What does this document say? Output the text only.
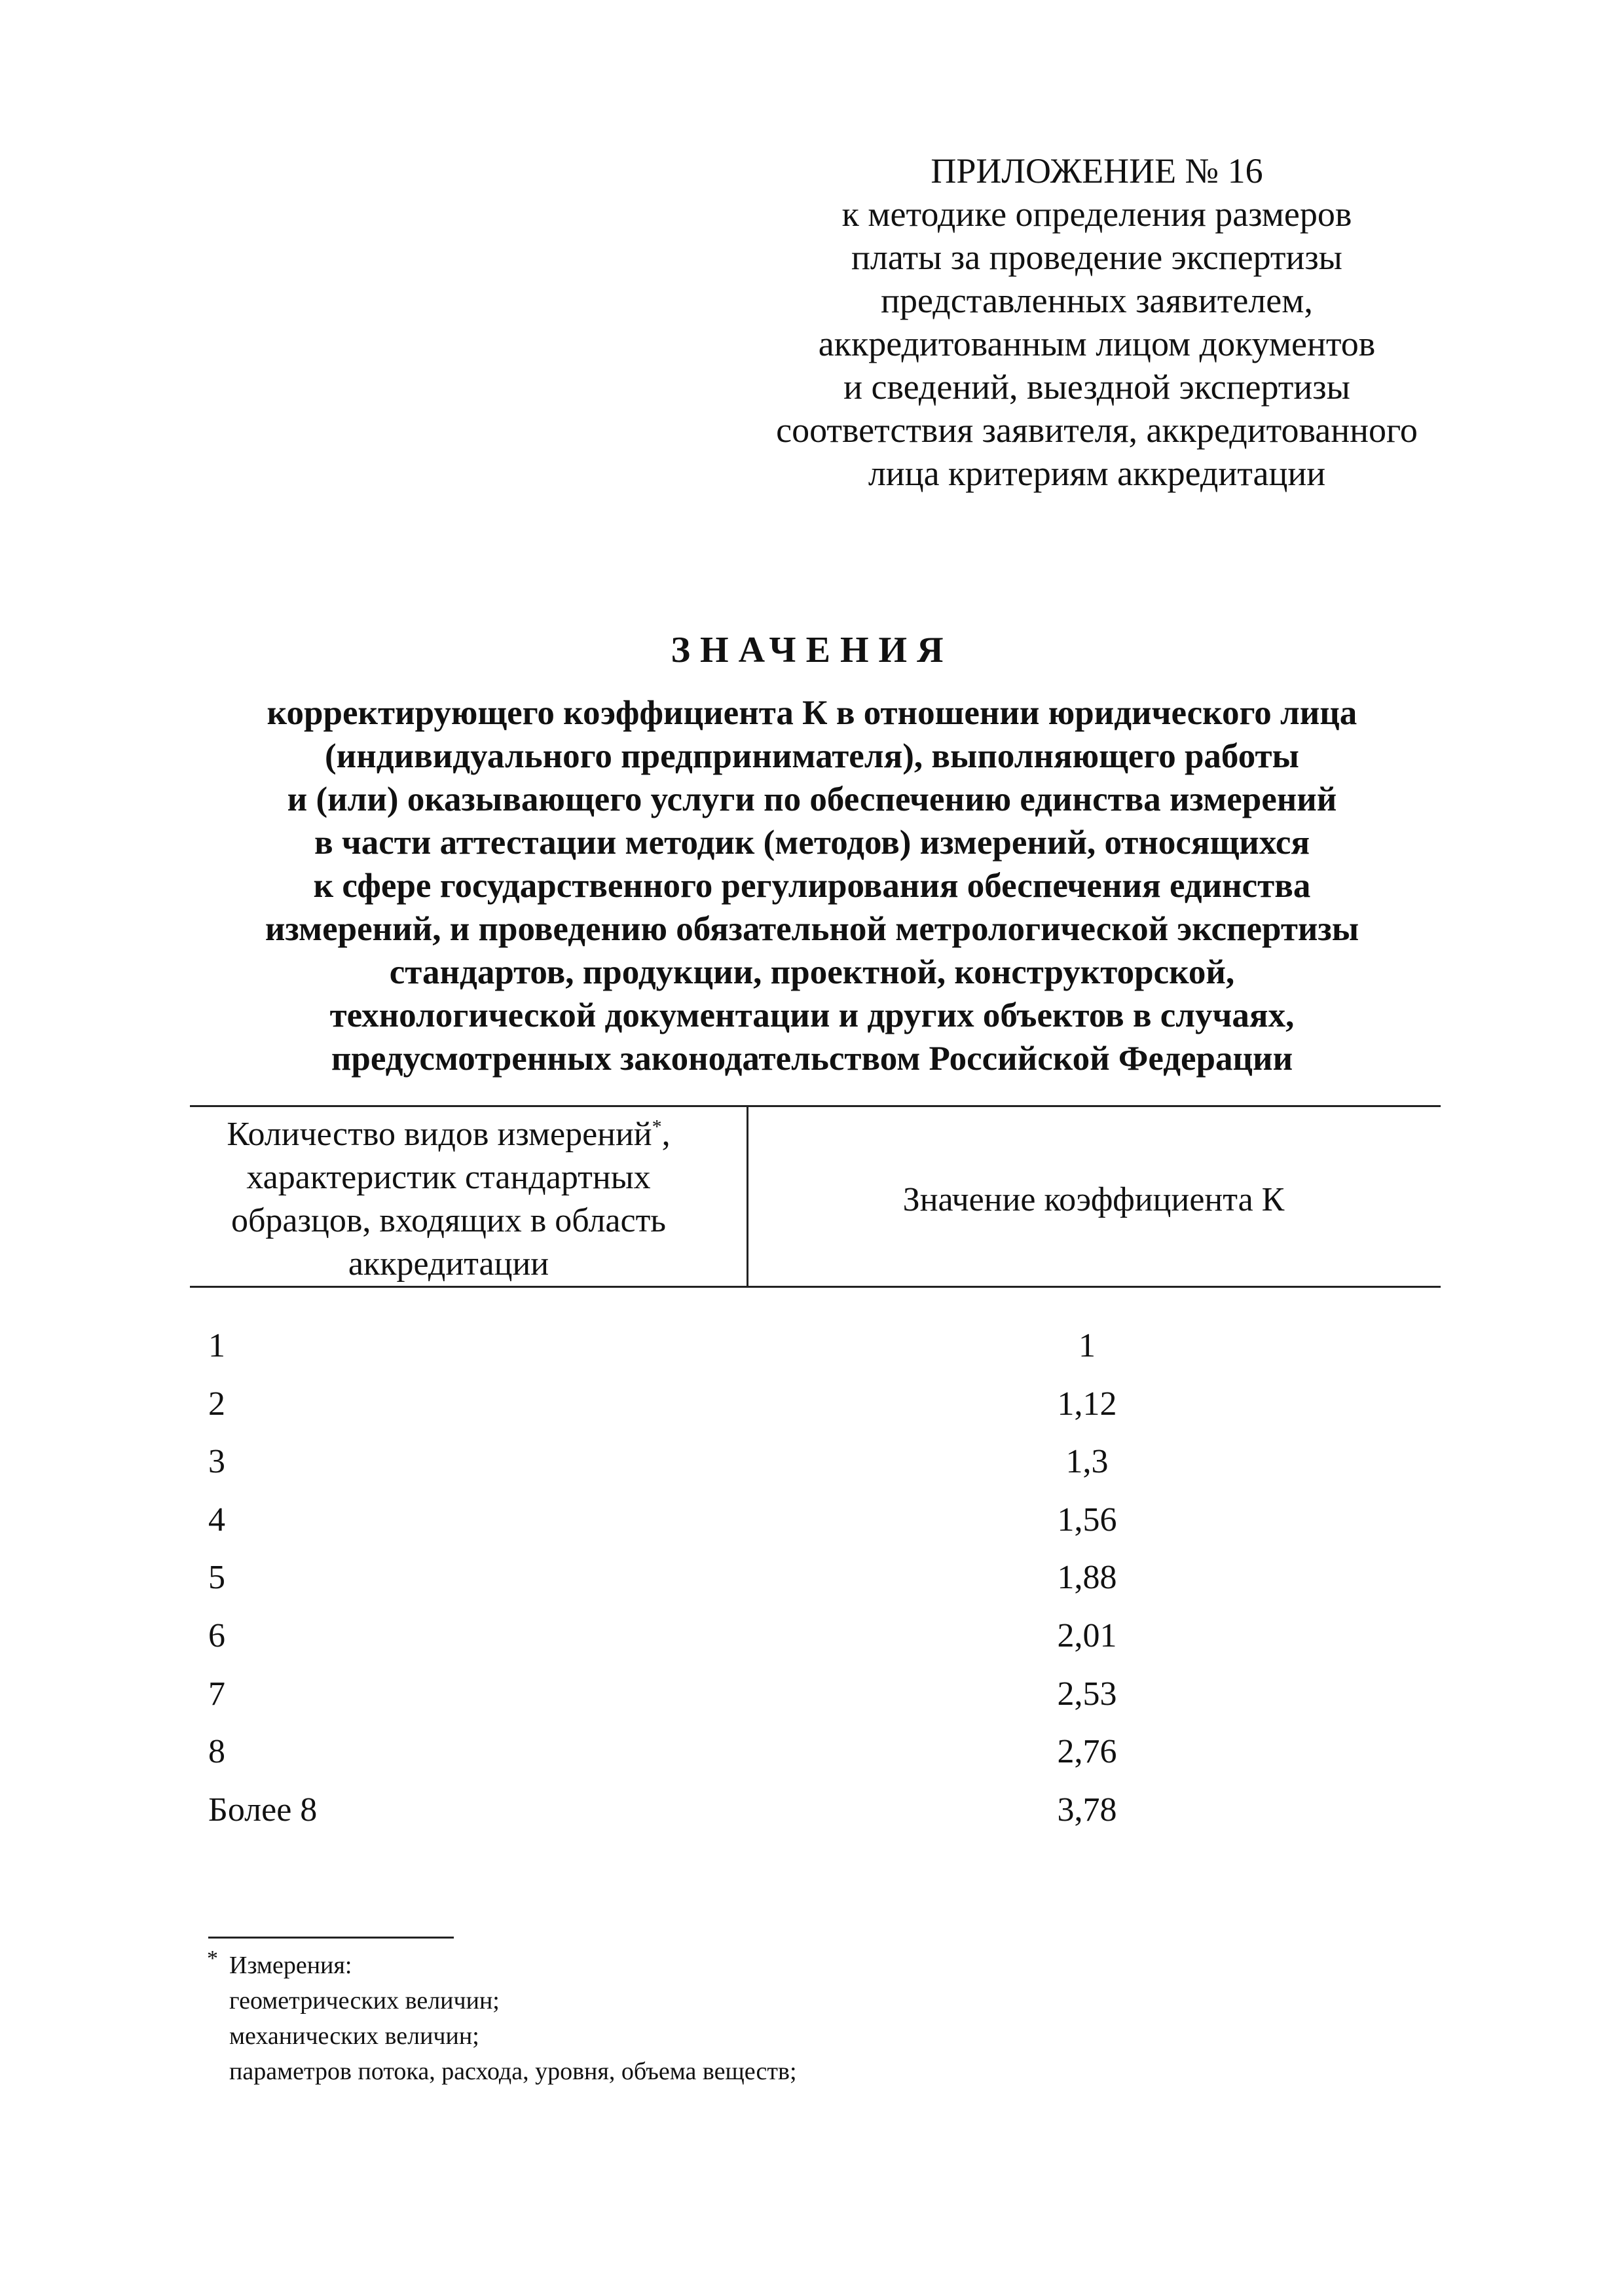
ПРИЛОЖЕНИЕ № 16
к методике определения размеров
платы за проведение экспертизы
представленных заявителем,
аккредитованным лицом документов
и сведений, выездной экспертизы
соответствия заявителя, аккредитованного
лица критериям аккредитации
ЗНАЧЕНИЯ
корректирующего коэффициента К в отношении юридического лица
(индивидуального предпринимателя), выполняющего работы
и (или) оказывающего услуги по обеспечению единства измерений
в части аттестации методик (методов) измерений, относящихся
к сфере государственного регулирования обеспечения единства
измерений, и проведению обязательной метрологической экспертизы
стандартов, продукции, проектной, конструкторской,
технологической документации и других объектов в случаях,
предусмотренных законодательством Российской Федерации
Количество видов измерений*,
характеристик стандартных
образцов, входящих в область
аккредитации
Значение коэффициента К
1	1
2	1,12
3	1,3
4	1,56
5	1,88
6	2,01
7	2,53
8	2,76
Более 8	3,78
* Измерения:
геометрических величин;
механических величин;
параметров потока, расхода, уровня, объема веществ;
